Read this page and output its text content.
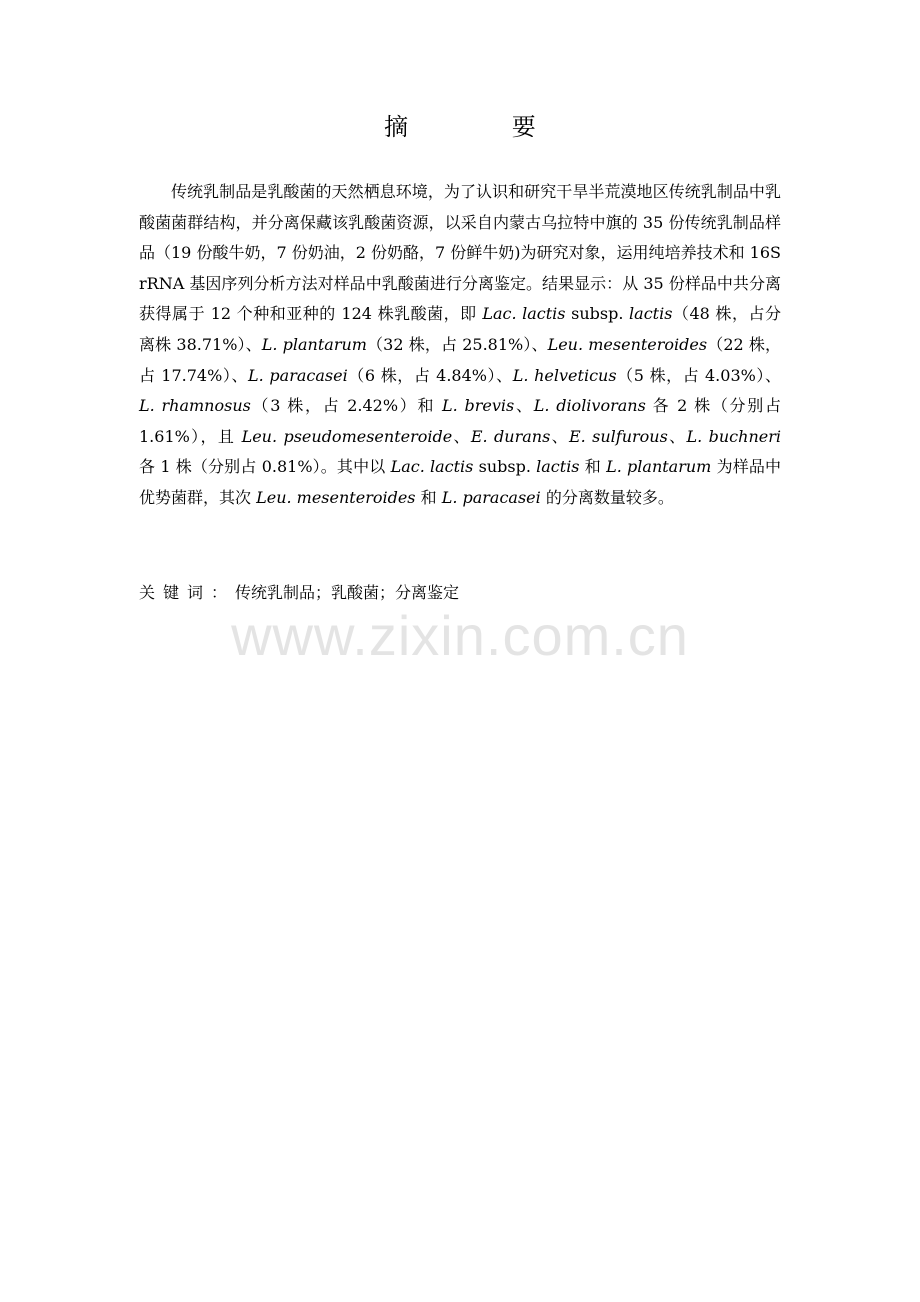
摘 要

传统乳制品是乳酸菌的天然栖息环境，为了认识和研究干旱半荒漠地区传统乳制品中乳酸菌菌群结构，并分离保藏该乳酸菌资源，以采自内蒙古乌拉特中旗的 35 份传统乳制品样品（19 份酸牛奶，7 份奶油，2 份奶酪，7 份鲜牛奶)为研究对象，运用纯培养技术和 16S rRNA 基因序列分析方法对样品中乳酸菌进行分离鉴定。结果显示：从 35 份样品中共分离获得属于 12 个种和亚种的 124 株乳酸菌，即 Lac. lactis subsp. lactis（48 株，占分离株 38.71%）、L. plantarum（32 株，占 25.81%）、Leu. mesenteroides（22 株，占 17.74%）、L. paracasei（6 株，占 4.84%）、L. helveticus（5 株，占 4.03%）、L. rhamnosus（3 株，占 2.42%）和 L. brevis、L. diolivorans 各 2 株（分别占 1.61%），且 Leu. pseudomesenteroide、E. durans、E. sulfurous、L. buchneri 各 1 株（分别占 0.81%）。其中以 Lac. lactis subsp. lactis 和 L. plantarum 为样品中优势菌群，其次 Leu. mesenteroides 和 L. paracasei 的分离数量较多。

关键词：传统乳制品；乳酸菌；分离鉴定
www.zixin.com.cn
